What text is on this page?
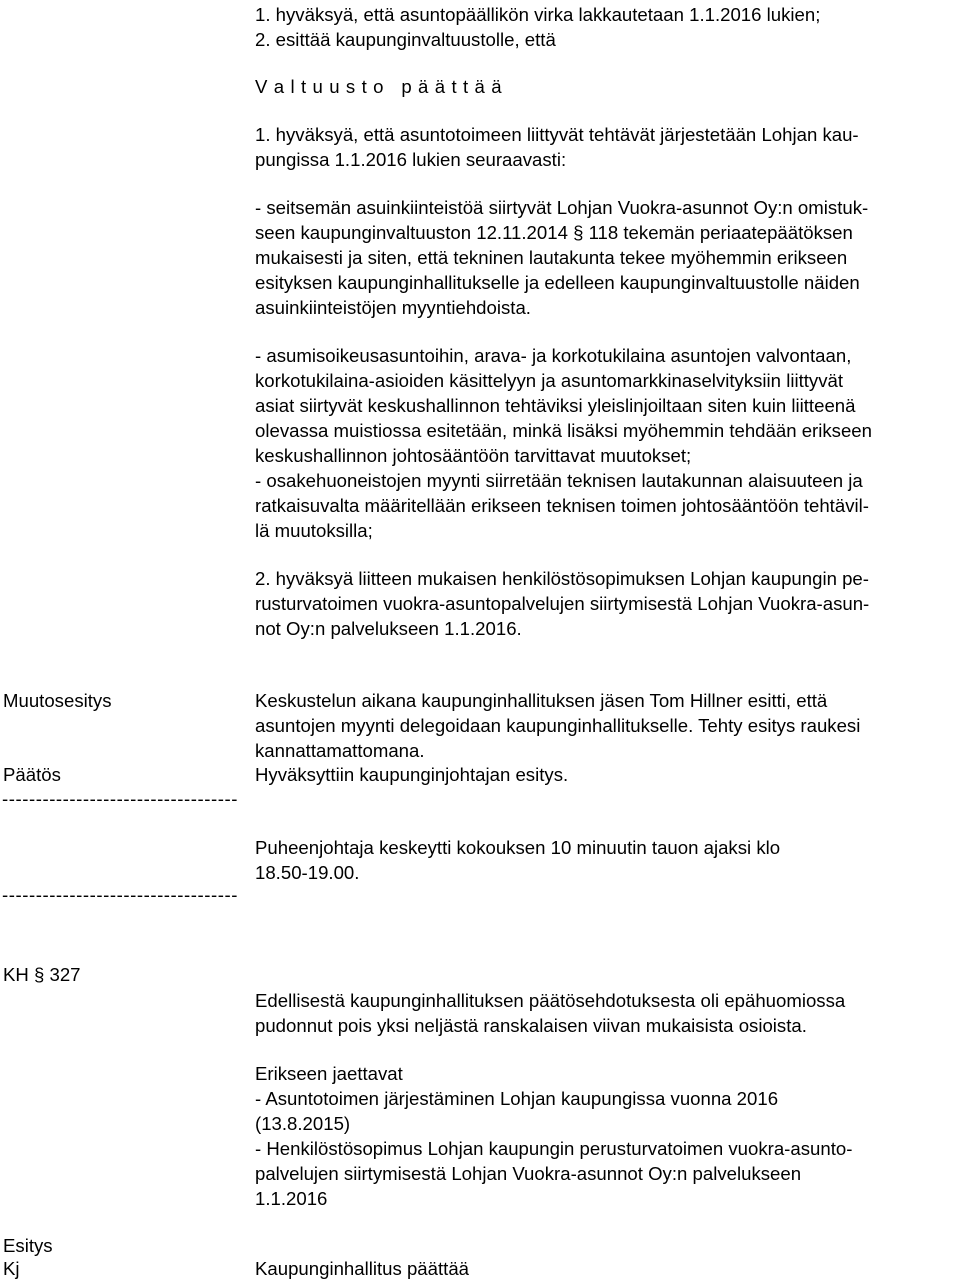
1. hyväksyä, että asuntopäällikön virka lakkautetaan 1.1.2016 lukien;
2. esittää kaupunginvaltuustolle, että
V a l t u u s t o   p ä ä t t ä ä
1. hyväksyä, että asuntotoimeen liittyvät tehtävät järjestetään Lohjan kau-
pungissa 1.1.2016 lukien seuraavasti:
- seitsemän asuinkiinteistöä siirtyvät Lohjan Vuokra-asunnot Oy:n omistuk-
seen kaupunginvaltuuston 12.11.2014 § 118 tekemän periaatepäätöksen
mukaisesti ja siten, että tekninen lautakunta tekee myöhemmin erikseen
esityksen kaupunginhallitukselle ja edelleen kaupunginvaltuustolle näiden
asuinkiinteistöjen myyntiehdoista.
- asumisoikeusasuntoihin, arava- ja korkotukilaina asuntojen valvontaan,
korkotukilaina-asioiden käsittelyyn ja asuntomarkkinaselvityksiin liittyvät
asiat siirtyvät keskushallinnon tehtäviksi yleislinjoiltaan siten kuin liitteenä
olevassa muistiossa esitetään, minkä lisäksi myöhemmin tehdään erikseen
keskushallinnon johtosääntöön tarvittavat muutokset;
- osakehuoneistojen myynti siirretään teknisen lautakunnan alaisuuteen ja
ratkaisuvalta määritellään erikseen teknisen toimen johtosääntöön tehtävil-
lä muutoksilla;
2. hyväksyä liitteen mukaisen henkilöstösopimuksen Lohjan kaupungin pe-
rusturvatoimen vuokra-asuntopalvelujen siirtymisestä Lohjan Vuokra-asun-
not Oy:n palvelukseen 1.1.2016.
Muutosesitys	Keskustelun aikana kaupunginhallituksen jäsen Tom Hillner esitti, että
asuntojen myynti delegoidaan kaupunginhallitukselle. Tehty esitys raukesi
kannattamattomana.
Päätös	Hyväksyttiin kaupunginjohtajan esitys.
-----------------------------------
Puheenjohtaja keskeytti kokouksen 10 minuutin tauon ajaksi klo
18.50-19.00.
-----------------------------------
KH § 327
Edellisestä kaupunginhallituksen päätösehdotuksesta oli epähuomiossa
pudonnut pois yksi neljästä ranskalaisen viivan mukaisista osioista.
Erikseen jaettavat
- Asuntotoimen järjestäminen Lohjan kaupungissa vuonna 2016
(13.8.2015)
- Henkilöstösopimus Lohjan kaupungin perusturvatoimen vuokra-asunto-
palvelujen siirtymisestä Lohjan Vuokra-asunnot Oy:n palvelukseen
1.1.2016
Esitys
Kj	Kaupunginhallitus päättää
